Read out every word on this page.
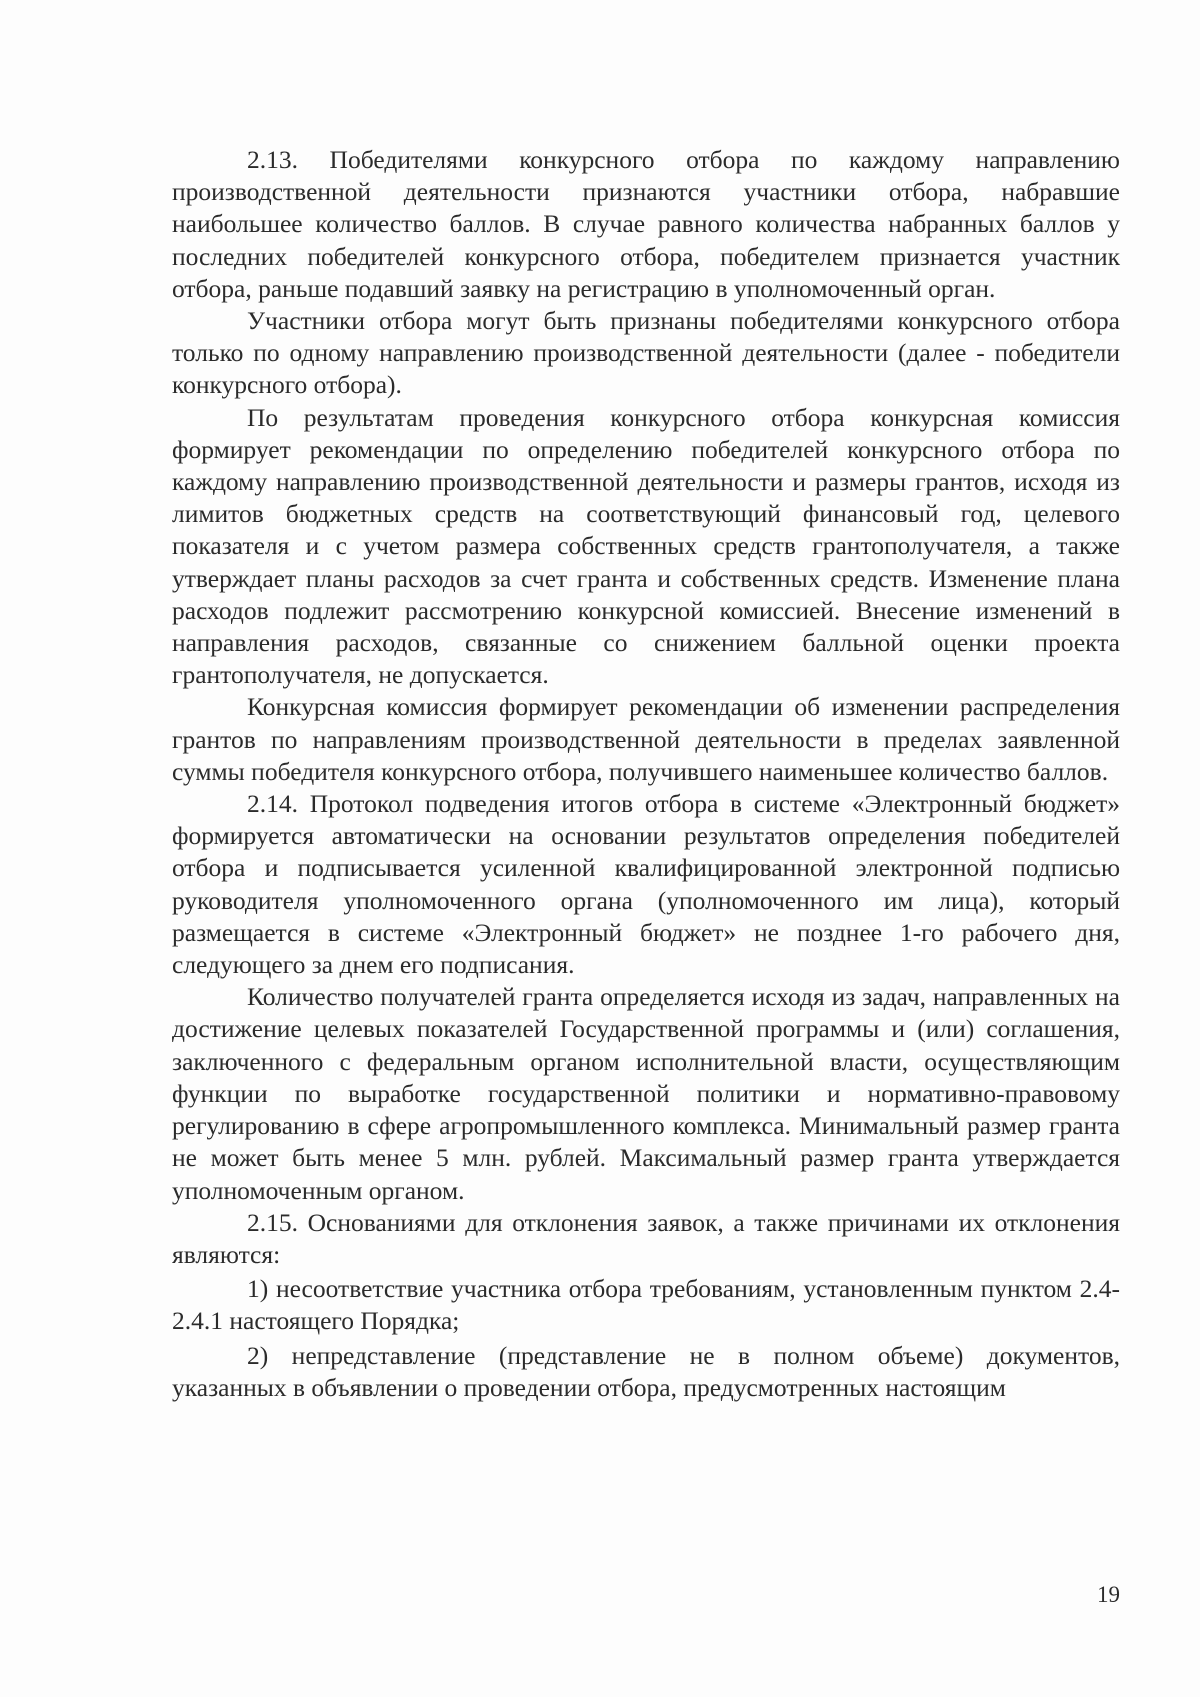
2.13. Победителями конкурсного отбора по каждому направлению производственной деятельности признаются участники отбора, набравшие наибольшее количество баллов. В случае равного количества набранных баллов у последних победителей конкурсного отбора, победителем признается участник отбора, раньше подавший заявку на регистрацию в уполномоченный орган.

Участники отбора могут быть признаны победителями конкурсного отбора только по одному направлению производственной деятельности (далее - победители конкурсного отбора).

По результатам проведения конкурсного отбора конкурсная комиссия формирует рекомендации по определению победителей конкурсного отбора по каждому направлению производственной деятельности и размеры грантов, исходя из лимитов бюджетных средств на соответствующий финансовый год, целевого показателя и с учетом размера собственных средств грантополучателя, а также утверждает планы расходов за счет гранта и собственных средств. Изменение плана расходов подлежит рассмотрению конкурсной комиссией. Внесение изменений в направления расходов, связанные со снижением балльной оценки проекта грантополучателя, не допускается.

Конкурсная комиссия формирует рекомендации об изменении распределения грантов по направлениям производственной деятельности в пределах заявленной суммы победителя конкурсного отбора, получившего наименьшее количество баллов.

2.14. Протокол подведения итогов отбора в системе «Электронный бюджет» формируется автоматически на основании результатов определения победителей отбора и подписывается усиленной квалифицированной электронной подписью руководителя уполномоченного органа (уполномоченного им лица), который размещается в системе «Электронный бюджет» не позднее 1-го рабочего дня, следующего за днем его подписания.

Количество получателей гранта определяется исходя из задач, направленных на достижение целевых показателей Государственной программы и (или) соглашения, заключенного с федеральным органом исполнительной власти, осуществляющим функции по выработке государственной политики и нормативно-правовому регулированию в сфере агропромышленного комплекса. Минимальный размер гранта не может быть менее 5 млн. рублей. Максимальный размер гранта утверждается уполномоченным органом.

2.15. Основаниями для отклонения заявок, а также причинами их отклонения являются:

1) несоответствие участника отбора требованиям, установленным пунктом 2.4-2.4.1 настоящего Порядка;

2) непредставление (представление не в полном объеме) документов, указанных в объявлении о проведении отбора, предусмотренных настоящим

19
